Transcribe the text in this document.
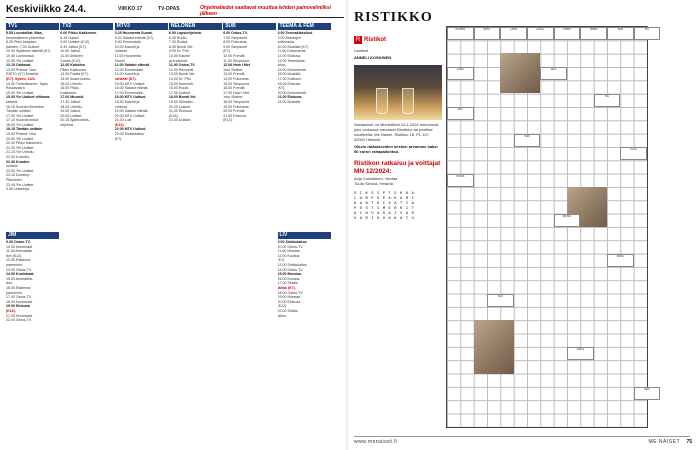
Keskiviikko 24.4.	VIIKKO 17	TV-OPAS	Ohjelmatiedot saattavat muuttua lehden painovalmiiksi jälkeen
TV1
5.55 Luontoillat: Maa,
luonnollamme planeetta.
6.25 Pieni karjalan-
paimen. 7.00 Uutiset.
10.00 Sydämen äänillä (K7).
10.45 Luonnossa.
12.00 Yle Uutiset.
12.15 Oddasat.
13.00 Prisma: Vesi.
RISTO (K7) Musiikki
(K7). Sykmi, 24/4.
14.30 Tuhtuikkanen: Tapio
Rautavaara.
15.00 Yle Uutiset.
15.05 Yle Uutiset viittoma-
kielellä.
16.15 Suurten ihmeiden
Tänään osittain
17.00 Yle Uutiset.
17.10 Kuumat tiedot.
18.00 Yle Uutiset.
18.15 Tänään osittain
19.00 Prisma: Vesi.
20.00 Yle Uutiset.
20.30 Pikku Kakkonen.
21.00 Yle Uutiset.
21.15 Yle Urheilu.
22.00 A-studio.
22.30 Kuuden
muistot
23.00 Yle Uutiset.
23.15 Docstop:
Pikkuinen
23.45 Yle Uutiset.
0.00 Uusintoja.
TV2
6.00 Pikku Kakkonen.
8.15 Galaxi.
9.00 Uutiset (K12).
9.30 Jatkot (K7).
10.00 Jatkot.
11.00 Arktinen
Suomi (K12).
12.00 Kaikkien
Pikku Kakkonen.
13.00 Pasila (K7).
14.00 Avara luonto.
15.00 Urheilu.
16.00 Pikku
Kakkonen.
17.00 Muumit.
17.30 Jatkot.
18.00 Urheilu.
19.00 Jatkot.
20.00 Uutiset
20.15 Ajankohtais-
ohjelma.
MTV3
6.25 Huomenta Suomi.
8.20 Salatut elämät (K7).
9.00 Emmerdale.
10.00 Kauniit ja
rohkeat.
11.00 Huomenta
Suomi
12.00 Salatut elämät.
13.00 Emmerdale.
14.00 Kauniit ja
rohkeat (K7).
15.00 MTV Uutiset.
16.00 Salatut elämät.
17.00 Emmerdale.
18.00 MTV Uutiset.
18.30 Kauniit ja
rohkeat.
19.00 Salatut elämät.
20.00 MTV Uutiset.
21.00 Lost
(K12).
22.00 MTV Uutiset.
23.00 Sinkkulaitos
(K7).
NELONEN
6.00 Lapsiohjelmia.
6.45 Ruutu.
7.30 Ruoka.
8.00 Bondi Vet.
9.00 Dr. Phil.
10.00 Kauniit
ja kuuluisat.
11.00 Ostos-TV.
12.00 Remontti.
13.00 Bondi Vet.
14.00 Dr. Phil.
15.00 Kummeli.
16.00 Ruutu.
17.00 Uutiset.
18.00 Bondi Vet.
19.00 Solsidan.
20.00 Uutiset.
21.00 Elokuva
(K16).
23.00 Uutiset.
SUB
6.00 Ostos-TV.
7.00 Simpsonit.
8.00 Futurama.
9.00 Simpsonit
(K7).
10.00 Frendit.
11.00 Simpsonit.
12.00 How I Met
Your Mother.
13.00 Frendit.
14.00 Futurama.
15.00 Simpsonit.
16.00 Frendit.
17.00 How I Met
Your Mother.
18.00 Simpsonit.
19.00 Futurama.
20.00 Frendit.
21.00 Elokuva
(K12).
TEEMA & FEM
8.00 Teemaklassikot.
9.00 Muistojen
soittorasia.
10.00 Musiikki (K7).
11.00 Dokumentti.
12.00 Elokuva.
14.00 Teemaklas-
sikot.
15.00 Dokumentti.
16.00 Musiikki.
17.00 Kulttuuri.
18.00 Elokuva
(K7).
20.00 Dokumentti.
21.00 Elokuva.
23.00 Musiikki.
JIM
9.00 Ostos-TV.
10.00 Kuninkaat.
11.00 Ammattila-
iset (K12).
12.00 Rakenna
paremmin.
13.00 Ostos-TV.
14.00 Kuninkaat.
15.00 Ammattila-
iset.
16.00 Rakenna
paremmin.
17.00 Ostos-TV.
18.00 Kuninkaat.
19.00 Elokuva
(K16).
21.00 Kuninkaat.
22.00 Ostos-TV.
LIV
9.00 Sinkkulaitos.
10.00 Ostos-TV.
11.00 Morsian.
12.00 Kuvaus
(K7).
13.00 Sinkkulaitos.
14.00 Ostos-TV.
15.00 Morsian.
16.00 Kuvaus.
17.00 Sinkku
laitos (K7).
18.00 Ostos-TV.
19.00 Morsian.
20.00 Elokuva
(K12).
22.00 Sinkku
laitos.
RISTIKKO
R Ristikot
Laatinut
ANNELI KOSKINEN
Vastaukset on lähetettävä 24.4.2024 mennessä joko verkossa menaiset.fi/ristikko tai postitse osoitteella: Me Naiset, Ristikko 16, PL 107, 00002 Helsinki.
Oikein ratkaisseiden kesken arvomme kaksi 50 euron rahapalkintoa.
Ristikon ratkaisu ja voittajat MN 12/2024:
Anja Soinilainen, Vantaa
Tuula Simola, Helsinki
S I K S I P T O K K A
L A M P O P A K A R I
K A N T O I V A T I A
P O S T I M E R K I T
A I N O A S A I V A R
V A R I K O N K A T U
KAUPPA	SOTA-	LAITE	LAULU	KOIRA	VAIMO	VESI	IKÄ
LOMA	MAA
TIE
PUU
NIMI
KALA
TAIVAS
RUOKA
KIRJA
SUO
JUHLA
AIKA
www.menaiset.fi	ME NAISET 75
